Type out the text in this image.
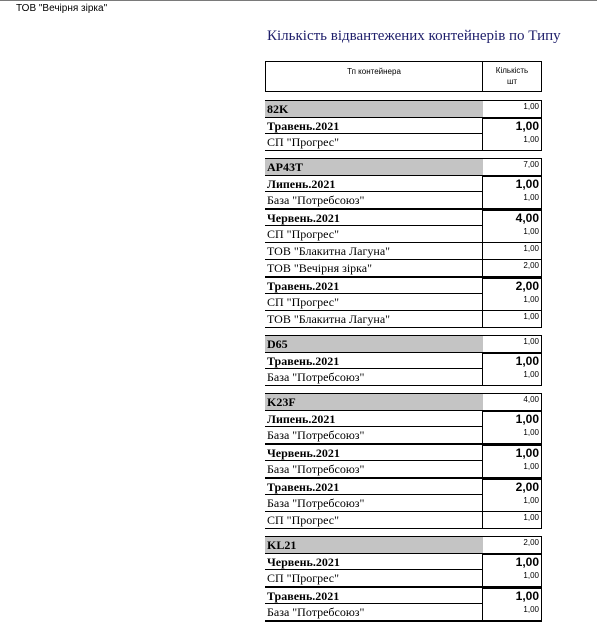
ТОВ "Вечірня зірка"
Кількість відвантежених контейнерів по Типу
Тп контейнера	Кількість
шт
82K	1,00
Травень.2021	1,00
СП "Прогрес"	1,00
AP43T	7,00
Липень.2021	1,00
База "Потребсоюз"	1,00
Червень.2021	4,00
СП "Прогрес"	1,00
ТОВ "Блакитна Лагуна"	1,00
ТОВ "Вечірня зірка"	2,00
Травень.2021	2,00
СП "Прогрес"	1,00
ТОВ "Блакитна Лагуна"	1,00
D65	1,00
Травень.2021	1,00
База "Потребсоюз"	1,00
K23F	4,00
Липень.2021	1,00
База "Потребсоюз"	1,00
Червень.2021	1,00
База "Потребсоюз"	1,00
Травень.2021	2,00
База "Потребсоюз"	1,00
СП "Прогрес"	1,00
KL21	2,00
Червень.2021	1,00
СП "Прогрес"	1,00
Травень.2021	1,00
База "Потребсоюз"	1,00
